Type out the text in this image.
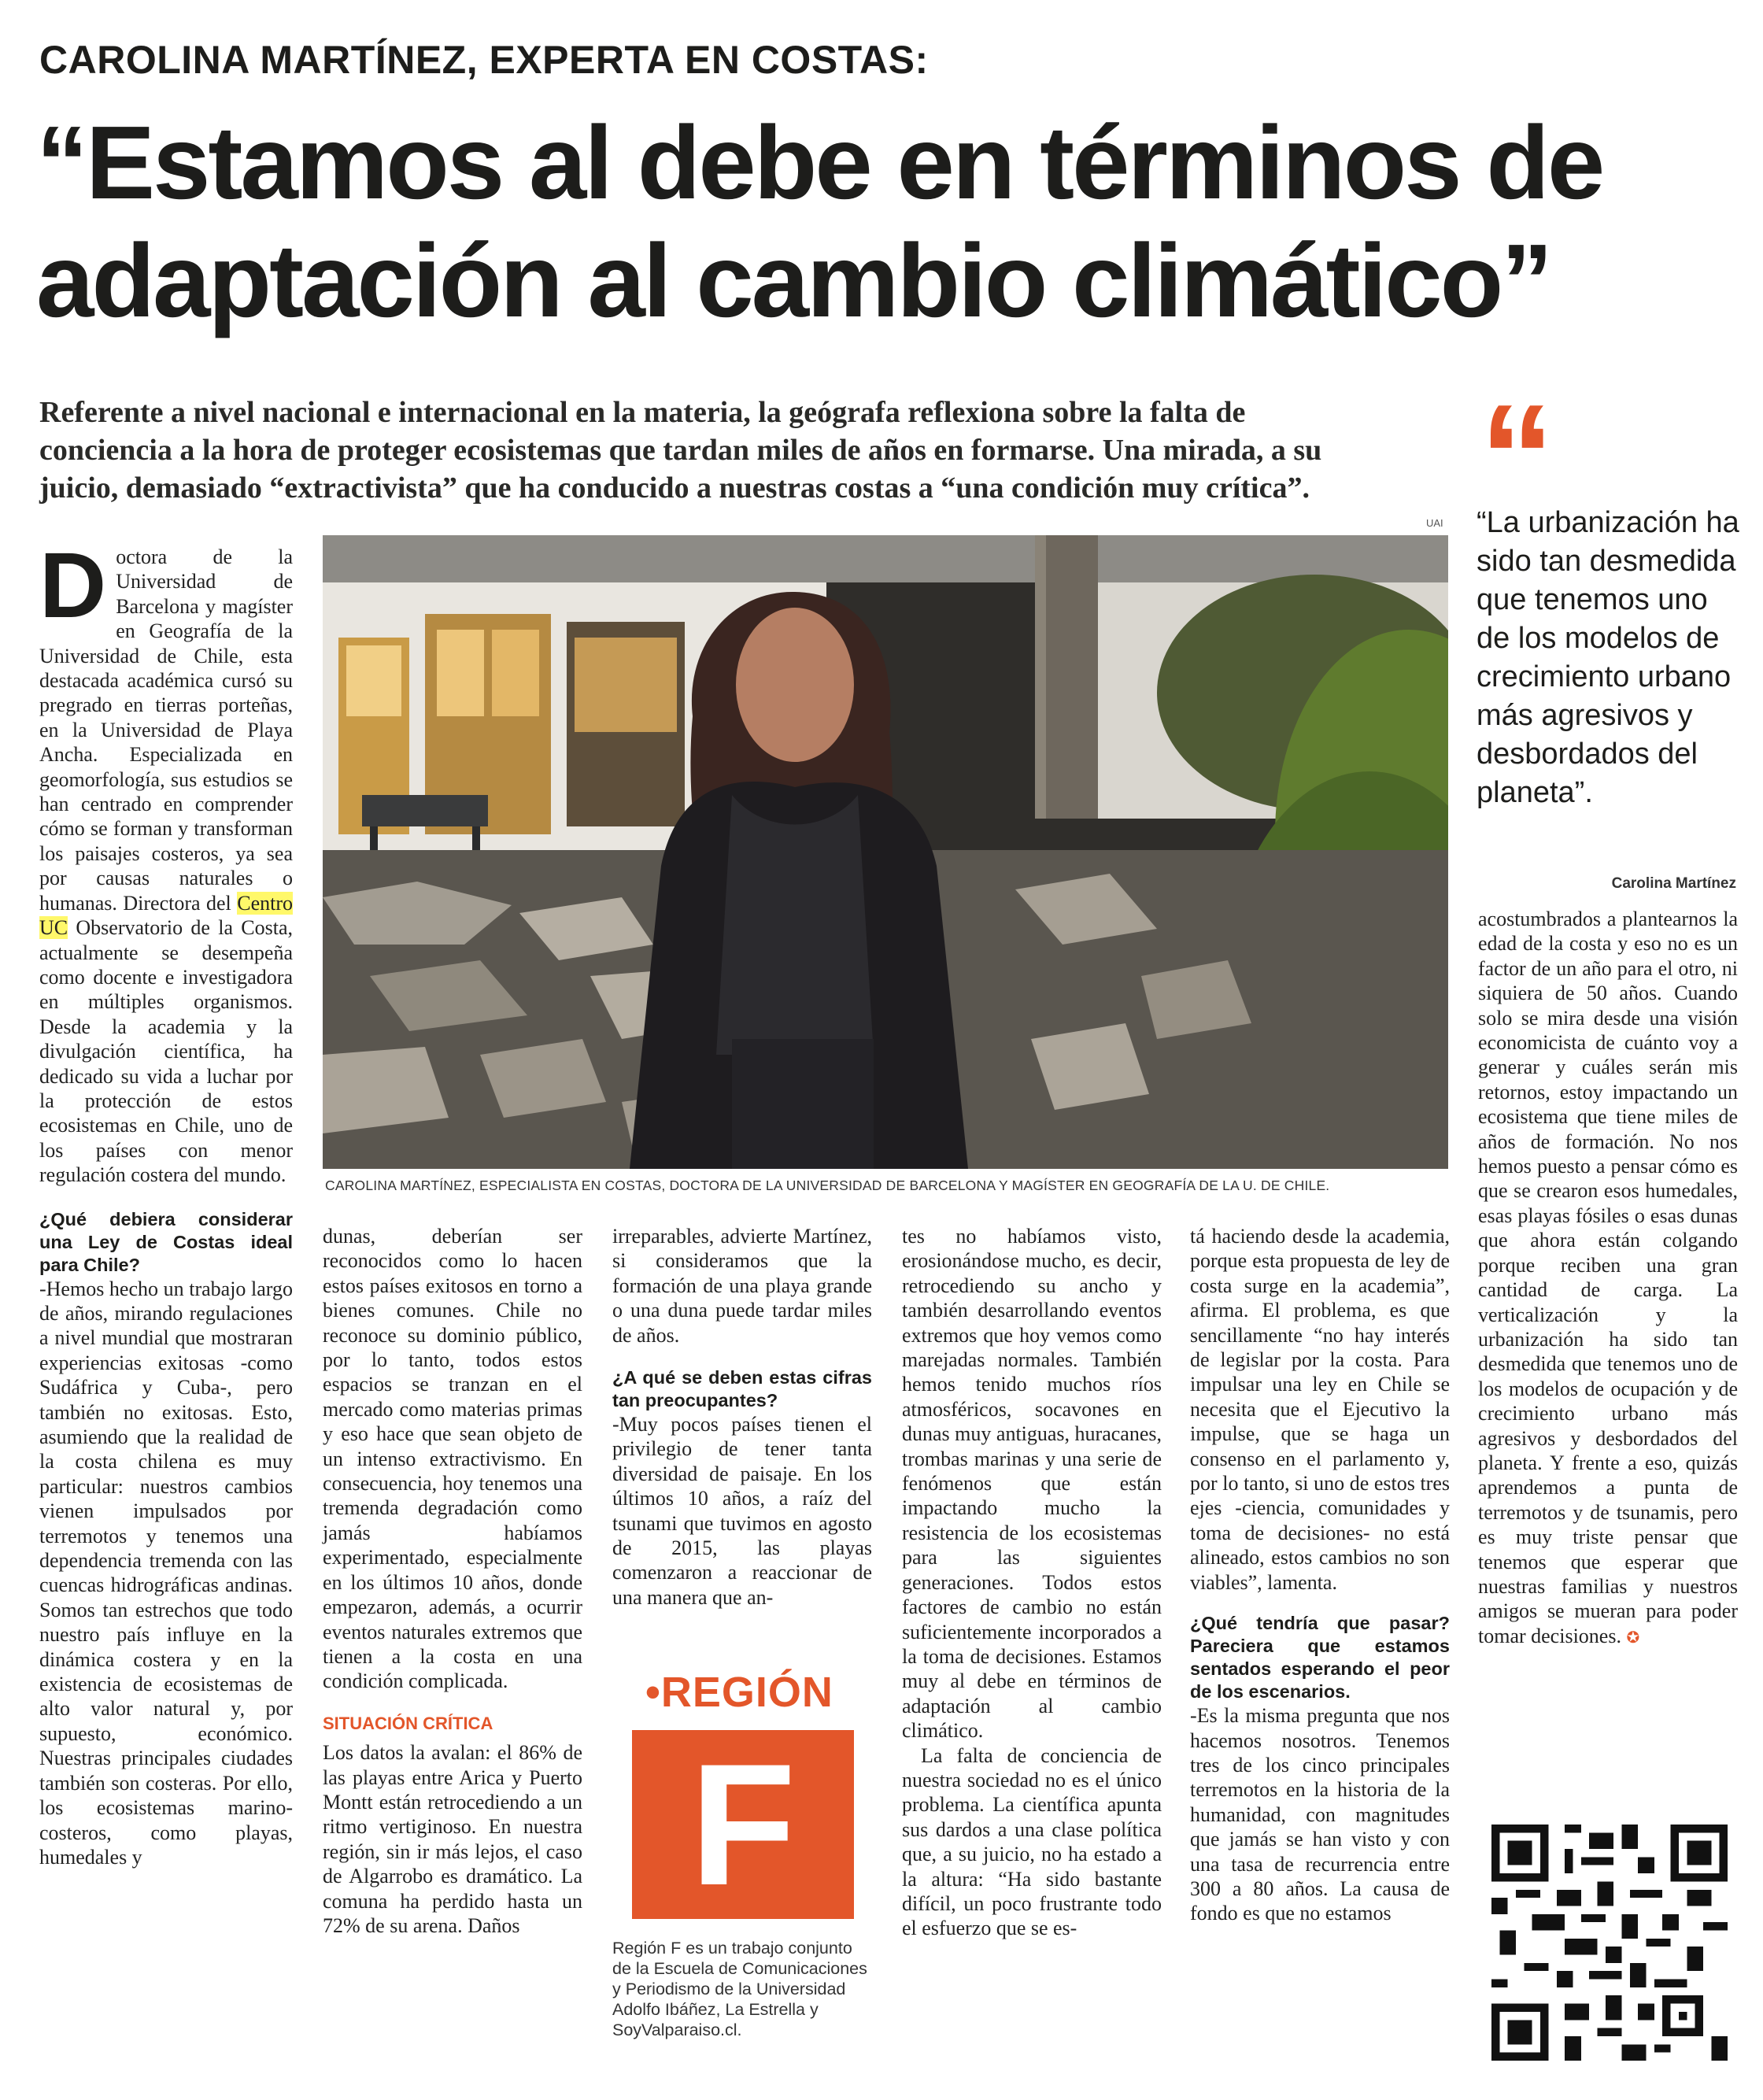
CAROLINA MARTÍNEZ, EXPERTA EN COSTAS:
“Estamos al debe en términos de
adaptación al cambio climático”
Referente a nivel nacional e internacional en la materia, la geógrafa reflexiona sobre la falta de
conciencia a la hora de proteger ecosistemas que tardan miles de años en formarse. Una mirada, a su
juicio, demasiado “extractivista” que ha conducido a nuestras costas a “una condición muy crítica”.
UAI
CAROLINA MARTÍNEZ, ESPECIALISTA EN COSTAS, DOCTORA DE LA UNIVERSIDAD DE BARCELONA Y MAGÍSTER EN GEOGRAFÍA DE LA U. DE CHILE.

Doctora de la Universidad de Barcelona y magíster en Geografía de la Universidad de Chile, esta destacada académica cursó su pregrado en tierras porteñas, en la Universidad de Playa Ancha. Especializada en geomorfología, sus estudios se han centrado en comprender cómo se forman y transforman los paisajes costeros, ya sea por causas naturales o humanas. Directora del Centro UC Observatorio de la Costa, actualmente se desempeña como docente e investigadora en múltiples organismos. Desde la academia y la divulgación científica, ha dedicado su vida a luchar por la protección de estos ecosistemas en Chile, uno de los países con menor regulación costera del mundo.

¿Qué debiera considerar una Ley de Costas ideal para Chile?

-Hemos hecho un trabajo largo de años, mirando regulaciones a nivel mundial que mostraran experiencias exitosas -como Sudáfrica y Cuba-, pero también no exitosas. Esto, asumiendo que la realidad de la costa chilena es muy particular: nuestros cambios vienen impulsados por terremotos y tenemos una dependencia tremenda con las cuencas hidrográficas andinas. Somos tan estrechos que todo nuestro país influye en la dinámica costera y en la existencia de ecosistemas de alto valor natural y, por supuesto, económico. Nuestras principales ciudades también son costeras. Por ello, los ecosistemas marino-costeros, como playas, humedales y

dunas, deberían ser reconocidos como lo hacen estos países exitosos en torno a bienes comunes. Chile no reconoce su dominio público, por lo tanto, todos estos espacios se tranzan en el mercado como materias primas y eso hace que sean objeto de un intenso extractivismo. En consecuencia, hoy tenemos una tremenda degradación como jamás habíamos experimentado, especialmente en los últimos 10 años, donde empezaron, además, a ocurrir eventos naturales extremos que tienen a la costa en una condición complicada.

SITUACIÓN CRÍTICA

Los datos la avalan: el 86% de las playas entre Arica y Puerto Montt están retrocediendo a un ritmo vertiginoso. En nuestra región, sin ir más lejos, el caso de Algarrobo es dramático. La comuna ha perdido hasta un 72% de su arena. Daños

irreparables, advierte Martínez, si consideramos que la formación de una playa grande o una duna puede tardar miles de años.

¿A qué se deben estas cifras tan preocupantes?

-Muy pocos países tienen el privilegio de tener tanta diversidad de paisaje. En los últimos 10 años, a raíz del tsunami que tuvimos en agosto de 2015, las playas comenzaron a reaccionar de una manera que an-

•REGIÓN
F
Región F es un trabajo conjunto de la Escuela de Comunicaciones y Periodismo de la Universidad Adolfo Ibáñez, La Estrella y SoyValparaiso.cl.

tes no habíamos visto, erosionándose mucho, es decir, retrocediendo su ancho y también desarrollando eventos extremos que hoy vemos como marejadas normales. También hemos tenido muchos ríos atmosféricos, socavones en dunas muy antiguas, huracanes, trombas marinas y una serie de fenómenos que están impactando mucho la resistencia de los ecosistemas para las siguientes generaciones. Todos estos factores de cambio no están suficientemente incorporados a la toma de decisiones. Estamos muy al debe en términos de adaptación al cambio climático.

La falta de conciencia de nuestra sociedad no es el único problema. La científica apunta sus dardos a una clase política que, a su juicio, no ha estado a la altura: “Ha sido bastante difícil, un poco frustrante todo el esfuerzo que se es-

tá haciendo desde la academia, porque esta propuesta de ley de costa surge en la academia”, afirma. El problema, es que sencillamente “no hay interés de legislar por la costa. Para impulsar una ley en Chile se necesita que el Ejecutivo la impulse, que se haga un consenso en el parlamento y, por lo tanto, si uno de estos tres ejes -ciencia, comunidades y toma de decisiones- no está alineado, estos cambios no son viables”, lamenta.

¿Qué tendría que pasar? Pareciera que estamos sentados esperando el peor de los escenarios.

-Es la misma pregunta que nos hacemos nosotros. Tenemos tres de los cinco principales terremotos en la historia de la humanidad, con magnitudes que jamás se han visto y con una tasa de recurrencia entre 300 a 80 años. La causa de fondo es que no estamos

“
“La urbanización ha sido tan desmedida que tenemos uno de los modelos de crecimiento urbano más agresivos y desbordados del planeta”.
Carolina Martínez

acostumbrados a plantearnos la edad de la costa y eso no es un factor de un año para el otro, ni siquiera de 50 años. Cuando solo se mira desde una visión economicista de cuánto voy a generar y cuáles serán mis retornos, estoy impactando un ecosistema que tiene miles de años de formación. No nos hemos puesto a pensar cómo es que se crearon esos humedales, esas playas fósiles o esas dunas que ahora están colgando porque reciben una gran cantidad de carga. La verticalización y la urbanización ha sido tan desmedida que tenemos uno de los modelos de ocupación y de crecimiento urbano más agresivos y desbordados del planeta. Y frente a eso, quizás aprendemos a punta de terremotos y de tsunamis, pero es muy triste pensar que tenemos que esperar que nuestras familias y nuestros amigos se mueran para poder tomar decisiones. ✪
